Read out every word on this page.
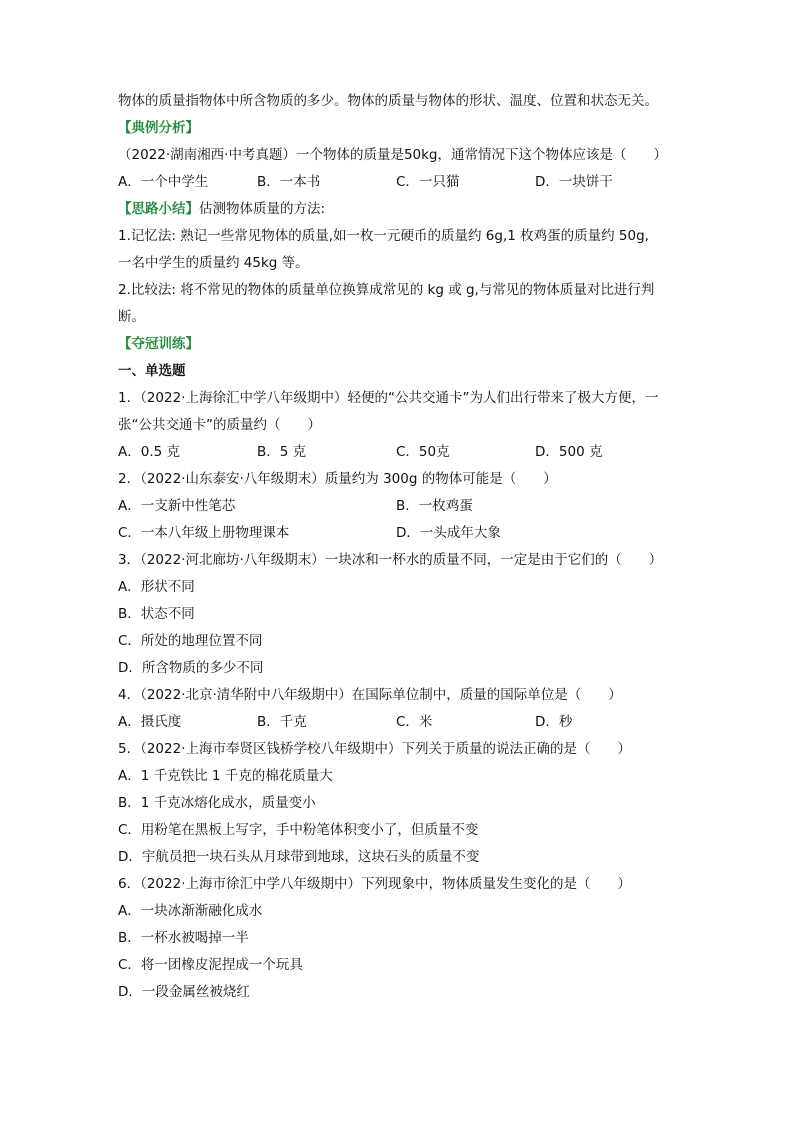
物体的质量指物体中所含物质的多少。物体的质量与物体的形状、温度、位置和状态无关。
【典例分析】
（2022·湖南湘西·中考真题）一个物体的质量是50kg，通常情况下这个物体应该是（　　）
A．一个中学生	B．一本书	C．一只猫	D．一块饼干
【思路小结】估测物体质量的方法:
1.记忆法: 熟记一些常见物体的质量,如一枚一元硬币的质量约 6g,1 枚鸡蛋的质量约 50g,
一名中学生的质量约 45kg 等。
2.比较法: 将不常见的物体的质量单位换算成常见的 kg 或 g,与常见的物体质量对比进行判
断。
【夺冠训练】
一、单选题
1．（2022·上海徐汇中学八年级期中）轻便的“公共交通卡”为人们出行带来了极大方便，一
张“公共交通卡”的质量约（　　）
A．0.5 克	B．5 克	C．50克	D．500 克
2．（2022·山东泰安·八年级期末）质量约为 300g 的物体可能是（　　）
A．一支新中性笔芯	B．一枚鸡蛋
C．一本八年级上册物理课本	D．一头成年大象
3．（2022·河北廊坊·八年级期末）一块冰和一杯水的质量不同，一定是由于它们的（　　）
A．形状不同
B．状态不同
C．所处的地理位置不同
D．所含物质的多少不同
4．（2022·北京·清华附中八年级期中）在国际单位制中，质量的国际单位是（　　）
A．摄氏度	B．千克	C．米	D．秒
5．（2022·上海市奉贤区钱桥学校八年级期中）下列关于质量的说法正确的是（　　）
A．1 千克铁比 1 千克的棉花质量大
B．1 千克冰熔化成水，质量变小
C．用粉笔在黑板上写字，手中粉笔体积变小了，但质量不变
D．宇航员把一块石头从月球带到地球，这块石头的质量不变
6．（2022·上海市徐汇中学八年级期中）下列现象中，物体质量发生变化的是（　　）
A．一块冰渐渐融化成水
B．一杯水被喝掉一半
C．将一团橡皮泥捏成一个玩具
D．一段金属丝被烧红
